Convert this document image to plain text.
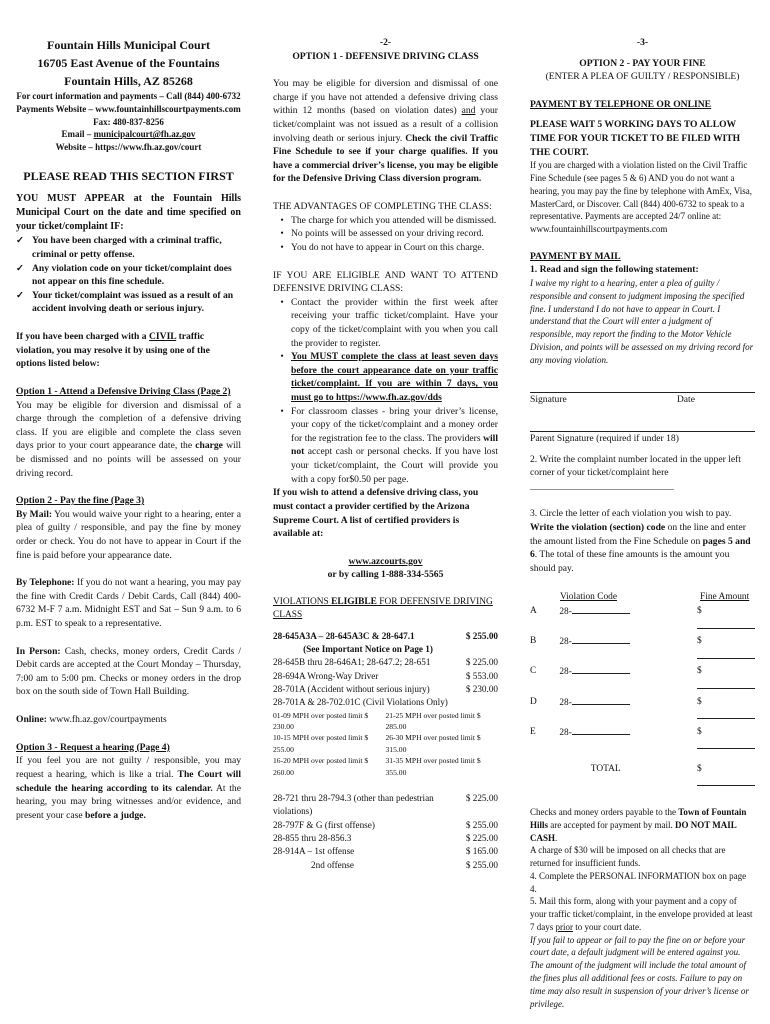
Fountain Hills Municipal Court
16705 East Avenue of the Fountains
Fountain Hills, AZ 85268
For court information and payments – Call (844) 400-6732
Payments Website – www.fountainhillscourtpayments.com
Fax: 480-837-8256
Email – municipalcourt@fh.az.gov
Website – https://www.fh.az.gov/court
PLEASE READ THIS SECTION FIRST

YOU MUST APPEAR at the Fountain Hills Municipal Court on the date and time specified on your ticket/complaint IF:

✓ You have been charged with a criminal traffic, criminal or petty offense.
✓ Any violation code on your ticket/complaint does not appear on this fine schedule.
✓ Your ticket/complaint was issued as a result of an accident involving death or serious injury.

If you have been charged with a CIVIL traffic violation, you may resolve it by using one of the options listed below:

Option 1 - Attend a Defensive Driving Class (Page 2)

You may be eligible for diversion and dismissal of a charge through the completion of a defensive driving class. If you are eligible and complete the class seven days prior to your court appearance date, the charge will be dismissed and no points will be assessed on your driving record.

Option 2 - Pay the fine (Page 3)

By Mail: You would waive your right to a hearing, enter a plea of guilty / responsible, and pay the fine by money order or check. You do not have to appear in Court if the fine is paid before your appearance date.

By Telephone: If you do not want a hearing, you may pay the fine with Credit Cards / Debit Cards, Call (844) 400-6732 M-F 7 a.m. Midnight EST and Sat – Sun 9 a.m. to 6 p.m. EST to speak to a representative.

In Person: Cash, checks, money orders, Credit Cards / Debit cards are accepted at the Court Monday – Thursday, 7:00 am to 5:00 pm. Checks or money orders in the drop box on the south side of Town Hall Building.

Online: www.fh.az.gov/courtpayments

Option 3 - Request a hearing (Page 4)

If you feel you are not guilty / responsible, you may request a hearing, which is like a trial. The Court will schedule the hearing according to its calendar. At the hearing, you may bring witnesses and/or evidence, and present your case before a judge.

-2-
OPTION 1 - DEFENSIVE DRIVING CLASS

You may be eligible for diversion and dismissal of one charge if you have not attended a defensive driving class within 12 months (based on violation dates) and your ticket/complaint was not issued as a result of a collision involving death or serious injury. Check the civil Traffic Fine Schedule to see if your charge qualifies. If you have a commercial driver’s license, you may be eligible for the Defensive Driving Class diversion program.

THE ADVANTAGES OF COMPLETING THE CLASS:

• The charge for which you attended will be dismissed.
• No points will be assessed on your driving record.
• You do not have to appear in Court on this charge.

IF YOU ARE ELIGIBLE AND WANT TO ATTEND DEFENSIVE DRIVING CLASS:

• Contact the provider within the first week after receiving your traffic ticket/complaint. Have your copy of the ticket/complaint with you when you call the provider to register.
• You MUST complete the class at least seven days before the court appearance date on your traffic ticket/complaint. If you are within 7 days, you must go to https://www.fh.az.gov/dds
• For classroom classes - bring your driver’s license, your copy of the ticket/complaint and a money order for the registration fee to the class. The providers will not accept cash or personal checks. If you have lost your ticket/complaint, the Court will provide you with a copy for$0.50 per page.

If you wish to attend a defensive driving class, you must contact a provider certified by the Arizona Supreme Court. A list of certified providers is available at:

www.azcourts.gov
or by calling 1-888-334-5565
VIOLATIONS ELIGIBLE FOR DEFENSIVE DRIVING CLASS
28-645A3A – 28-645A3C & 28-647.1	$ 255.00
(See Important Notice on Page 1)	
28-645B thru 28-646A1; 28-647.2; 28-651	$ 225.00
28-694A Wrong-Way Driver	$ 553.00
28-701A (Accident without serious injury)	$ 230.00
28-701A & 28-702.01C (Civil Violations Only)	
01-09 MPH over posted limit $ 230.00
21-25 MPH over posted limit $ 285.00
10-15 MPH over posted limit $ 255.00
26-30 MPH over posted limit $ 315.00
16-20 MPH over posted limit $ 260.00
31-35 MPH over posted limit $ 355.00
28-721 thru 28-794.3 (other than pedestrian violations)	$ 225.00
28-797F & G (first offense)	$ 255.00
28-855 thru 28-856.3	$ 225.00
28-914A – 1st offense	$ 165.00
2nd offense	$ 255.00
-3-
OPTION 2 - PAY YOUR FINE
(ENTER A PLEA OF GUILTY / RESPONSIBLE)

PAYMENT BY TELEPHONE OR ONLINE

PLEASE WAIT 5 WORKING DAYS TO ALLOW TIME FOR YOUR TICKET TO BE FILED WITH THE COURT.

If you are charged with a violation listed on the Civil Traffic Fine Schedule (see pages 5 & 6) AND you do not want a hearing, you may pay the fine by telephone with AmEx, Visa, MasterCard, or Discover. Call (844) 400-6732 to speak to a representative. Payments are accepted 24/7 online at: www.fountainhillscourtpayments.com

PAYMENT BY MAIL

1. Read and sign the following statement:

I waive my right to a hearing, enter a plea of guilty / responsible and consent to judgment imposing the specified fine. I understand I do not have to appear in Court. I understand that the Court will enter a judgment of responsible, may report the finding to the Motor Vehicle Division, and points will be assessed on my driving record for any moving violation.

Signature	Date

Parent Signature (required if under 18)

2. Write the complaint number located in the upper left corner of your ticket/complaint here ______________________________

3. Circle the letter of each violation you wish to pay. Write the violation (section) code on the line and enter the amount listed from the Fine Schedule on pages 5 and 6. The total of these fine amounts is the amount you should pay.

Violation Code	Fine Amount
A	28-	$
B	28-	$
C	28-	$
D	28-	$
E	28-	$
TOTAL	$

Checks and money orders payable to the Town of Fountain Hills are accepted for payment by mail. DO NOT MAIL CASH.

A charge of $30 will be imposed on all checks that are returned for insufficient funds.

4. Complete the PERSONAL INFORMATION box on page 4.

5. Mail this form, along with your payment and a copy of your traffic ticket/complaint, in the envelope provided at least 7 days prior to your court date.

If you fail to appear or fail to pay the fine on or before your court date, a default judgment will be entered against you. The amount of the judgment will include the total amount of the fines plus all additional fees or costs. Failure to pay on time may also result in suspension of your driver’s license or privilege.
